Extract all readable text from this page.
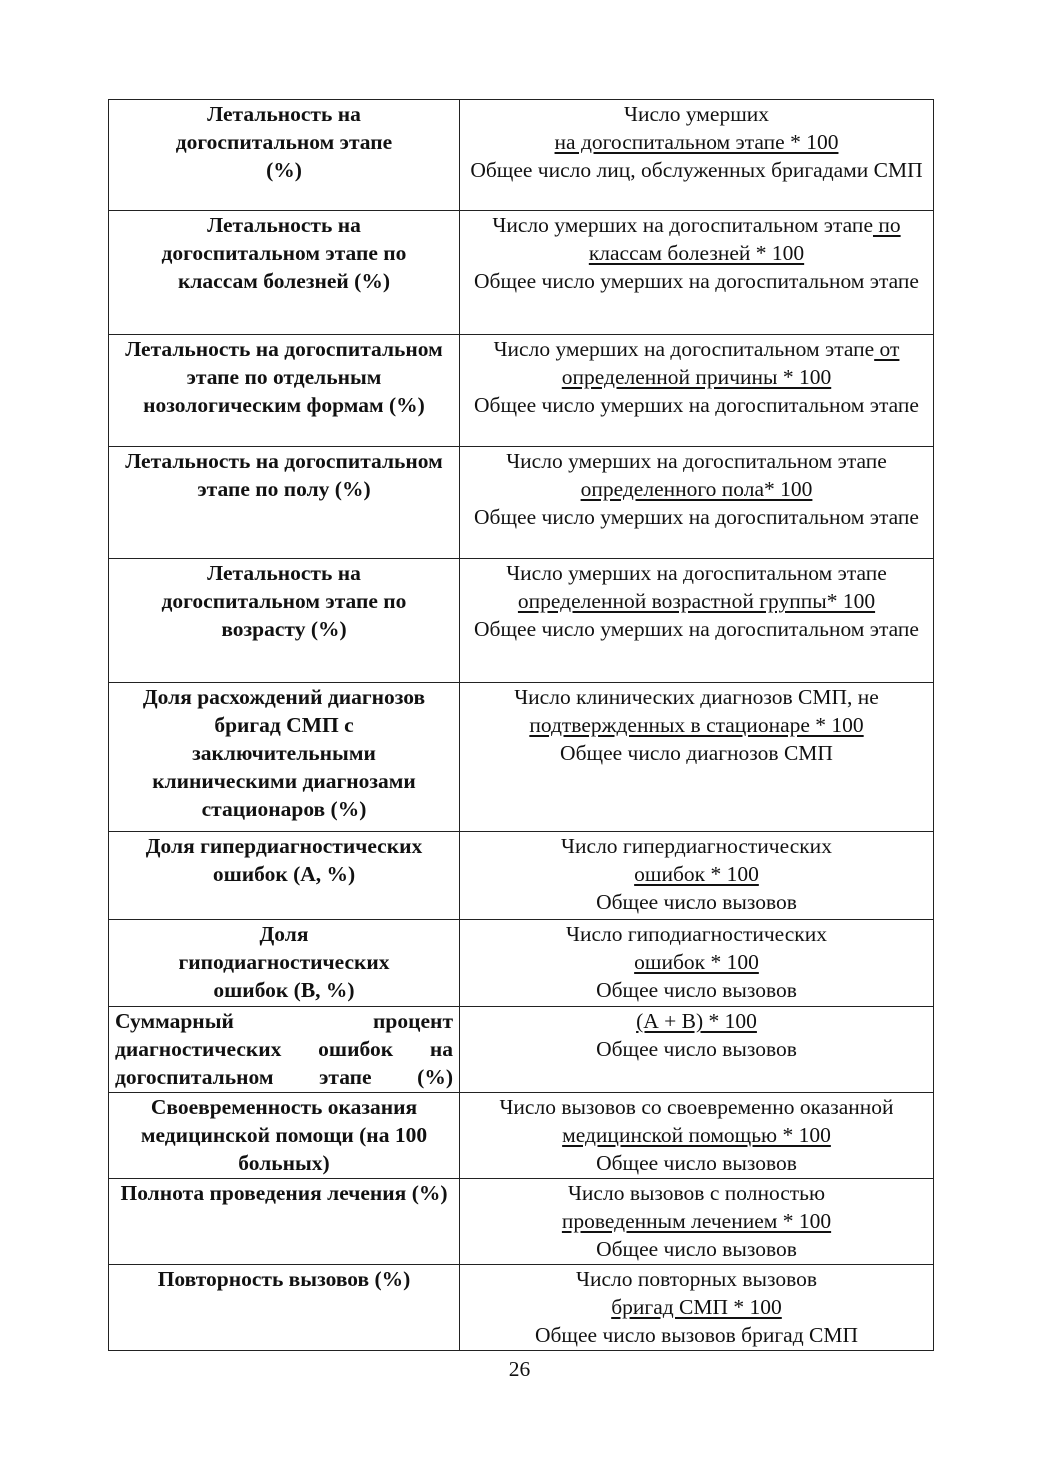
Летальность на догоспитальном этапе (%)	Число умерших
на догоспитальном этапе * 100
Общее число лиц, обслуженных бригадами СМП

Летальность на догоспитальном этапе по классам болезней (%)	Число умерших на догоспитальном этапе по классам болезней * 100
Общее число умерших на догоспитальном этапе

Летальность на догоспитальном этапе по отдельным нозологическим формам (%)	Число умерших на догоспитальном этапе от определенной причины * 100
Общее число умерших на догоспитальном этапе

Летальность на догоспитальном этапе по полу (%)	Число умерших на догоспитальном этапе
определенного пола* 100
Общее число умерших на догоспитальном этапе

Летальность на догоспитальном этапе по возрасту (%)	Число умерших на догоспитальном этапе
определенной возрастной группы* 100
Общее число умерших на догоспитальном этапе

Доля расхождений диагнозов бригад СМП с заключительными клиническими диагнозами стационаров (%)	Число клинических диагнозов СМП, не
подтвержденных в стационаре * 100
Общее число диагнозов СМП

Доля гипердиагностических ошибок (А, %)	Число гипердиагностических
ошибок * 100
Общее число вызовов

Доля гиподиагностических ошибок (В, %)	Число гиподиагностических
ошибок * 100
Общее число вызовов

Суммарный процент диагностических ошибок на догоспитальном этапе (%)	(А + В) * 100
Общее число вызовов

Своевременность оказания медицинской помощи (на 100 больных)	Число вызовов со своевременно оказанной
медицинской помощью * 100
Общее число вызовов

Полнота проведения лечения (%)	Число вызовов с полностью
проведенным лечением * 100
Общее число вызовов

Повторность вызовов (%)	Число повторных вызовов
бригад СМП * 100
Общее число вызовов бригад СМП
26
